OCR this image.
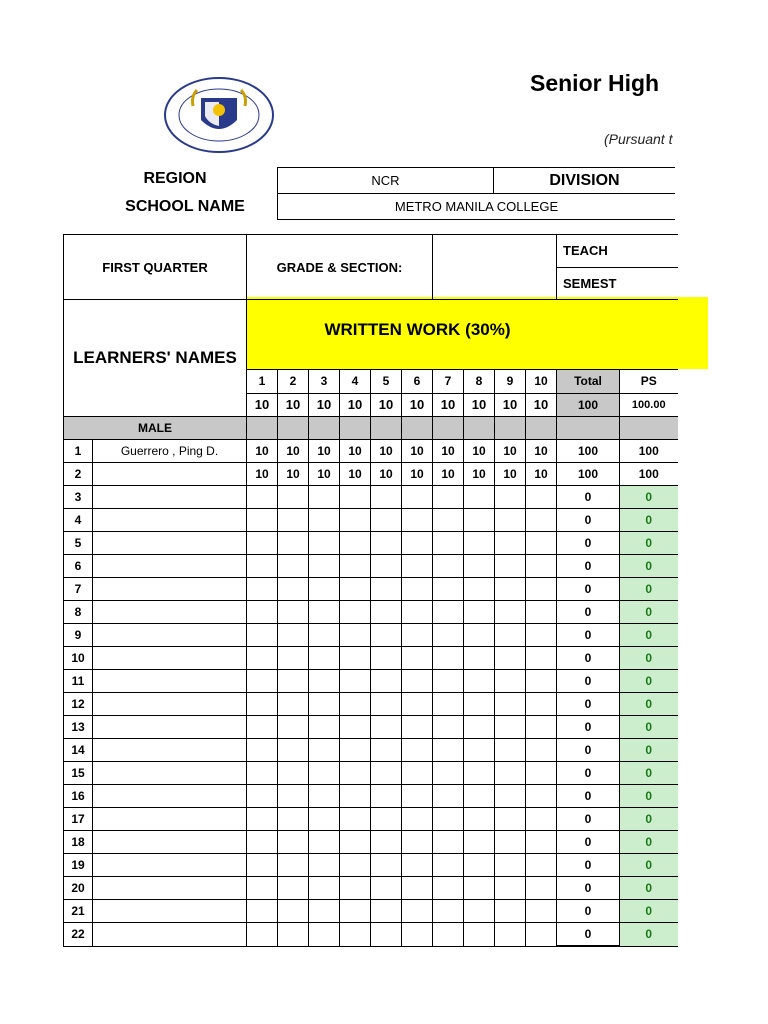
Senior High
(Pursuant t
REGION
SCHOOL NAME
NCR	DIVISION
METRO MANILA COLLEGE
WRITTEN WORK (30%)
FIRST QUARTER		GRADE & SECTION:										TEACH
SEMEST	

LEARNERS' NAMES													
		1	2	3	4	5	6	7	8	9	10	Total	PS
		10	10	10	10	10	10	10	10	10	10	100	100.00
MALE													
1	Guerrero , Ping D.	10	10	10	10	10	10	10	10	10	10	100	100
2		10	10	10	10	10	10	10	10	10	10	100	100
3												0	0
4												0	0
5												0	0
6												0	0
7												0	0
8												0	0
9												0	0
10												0	0
11												0	0
12												0	0
13												0	0
14												0	0
15												0	0
16												0	0
17												0	0
18												0	0
19												0	0
20												0	0
21												0	0
22												0	0
